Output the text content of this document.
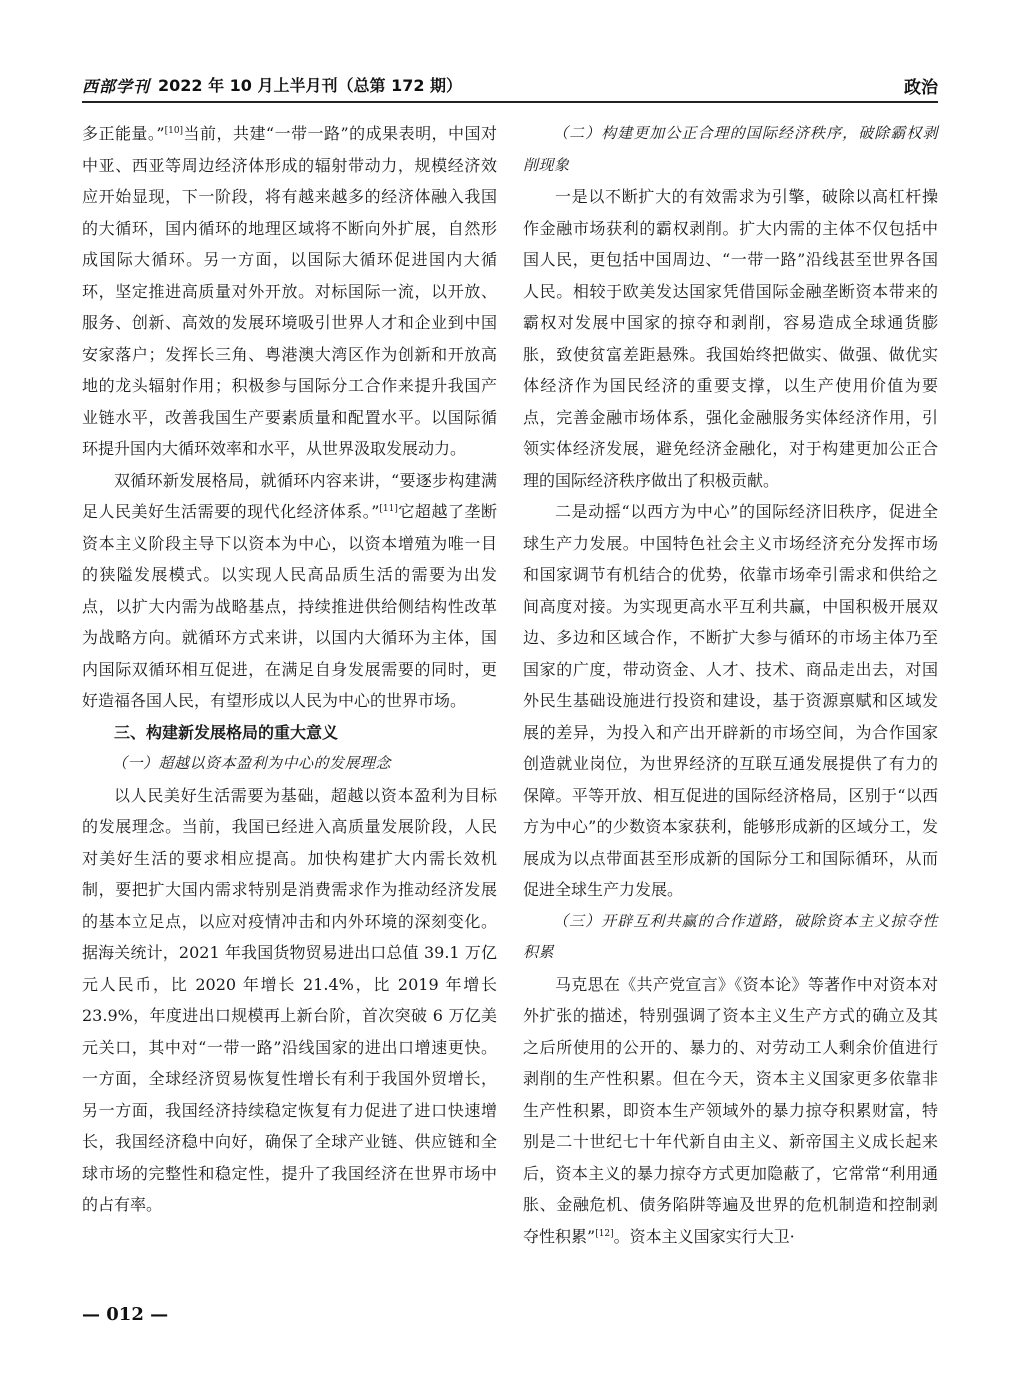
西部学刊 2022 年 10 月上半月刊（总第 172 期）	政治

多正能量。”[10]当前，共建“一带一路”的成果表明，中国对中亚、西亚等周边经济体形成的辐射带动力，规模经济效应开始显现，下一阶段，将有越来越多的经济体融入我国的大循环，国内循环的地理区域将不断向外扩展，自然形成国际大循环。另一方面，以国际大循环促进国内大循环，坚定推进高质量对外开放。对标国际一流，以开放、服务、创新、高效的发展环境吸引世界人才和企业到中国安家落户；发挥长三角、粤港澳大湾区作为创新和开放高地的龙头辐射作用；积极参与国际分工合作来提升我国产业链水平，改善我国生产要素质量和配置水平。以国际循环提升国内大循环效率和水平，从世界汲取发展动力。

双循环新发展格局，就循环内容来讲，“要逐步构建满足人民美好生活需要的现代化经济体系。”[11]它超越了垄断资本主义阶段主导下以资本为中心，以资本增殖为唯一目的狭隘发展模式。以实现人民高品质生活的需要为出发点，以扩大内需为战略基点，持续推进供给侧结构性改革为战略方向。就循环方式来讲，以国内大循环为主体，国内国际双循环相互促进，在满足自身发展需要的同时，更好造福各国人民，有望形成以人民为中心的世界市场。

三、构建新发展格局的重大意义
（一）超越以资本盈利为中心的发展理念

以人民美好生活需要为基础，超越以资本盈利为目标的发展理念。当前，我国已经进入高质量发展阶段，人民对美好生活的要求相应提高。加快构建扩大内需长效机制，要把扩大国内需求特别是消费需求作为推动经济发展的基本立足点，以应对疫情冲击和内外环境的深刻变化。据海关统计，2021 年我国货物贸易进出口总值 39.1 万亿元人民币，比 2020 年增长 21.4%，比 2019 年增长 23.9%，年度进出口规模再上新台阶，首次突破 6 万亿美元关口，其中对“一带一路”沿线国家的进出口增速更快。一方面，全球经济贸易恢复性增长有利于我国外贸增长，另一方面，我国经济持续稳定恢复有力促进了进口快速增长，我国经济稳中向好，确保了全球产业链、供应链和全球市场的完整性和稳定性，提升了我国经济在世界市场中的占有率。

（二）构建更加公正合理的国际经济秩序，破除霸权剥削现象

一是以不断扩大的有效需求为引擎，破除以高杠杆操作金融市场获利的霸权剥削。扩大内需的主体不仅包括中国人民，更包括中国周边、“一带一路”沿线甚至世界各国人民。相较于欧美发达国家凭借国际金融垄断资本带来的霸权对发展中国家的掠夺和剥削，容易造成全球通货膨胀，致使贫富差距悬殊。我国始终把做实、做强、做优实体经济作为国民经济的重要支撑，以生产使用价值为要点，完善金融市场体系，强化金融服务实体经济作用，引领实体经济发展，避免经济金融化，对于构建更加公正合理的国际经济秩序做出了积极贡献。

二是动摇“以西方为中心”的国际经济旧秩序，促进全球生产力发展。中国特色社会主义市场经济充分发挥市场和国家调节有机结合的优势，依靠市场牵引需求和供给之间高度对接。为实现更高水平互利共赢，中国积极开展双边、多边和区域合作，不断扩大参与循环的市场主体乃至国家的广度，带动资金、人才、技术、商品走出去，对国外民生基础设施进行投资和建设，基于资源禀赋和区域发展的差异，为投入和产出开辟新的市场空间，为合作国家创造就业岗位，为世界经济的互联互通发展提供了有力的保障。平等开放、相互促进的国际经济格局，区别于“以西方为中心”的少数资本家获利，能够形成新的区域分工，发展成为以点带面甚至形成新的国际分工和国际循环，从而促进全球生产力发展。

（三）开辟互利共赢的合作道路，破除资本主义掠夺性积累

马克思在《共产党宣言》《资本论》等著作中对资本对外扩张的描述，特别强调了资本主义生产方式的确立及其之后所使用的公开的、暴力的、对劳动工人剩余价值进行剥削的生产性积累。但在今天，资本主义国家更多依靠非生产性积累，即资本生产领域外的暴力掠夺积累财富，特别是二十世纪七十年代新自由主义、新帝国主义成长起来后，资本主义的暴力掠夺方式更加隐蔽了，它常常“利用通胀、金融危机、债务陷阱等遍及世界的危机制造和控制剥夺性积累”[12]。资本主义国家实行大卫·

— 012 —
